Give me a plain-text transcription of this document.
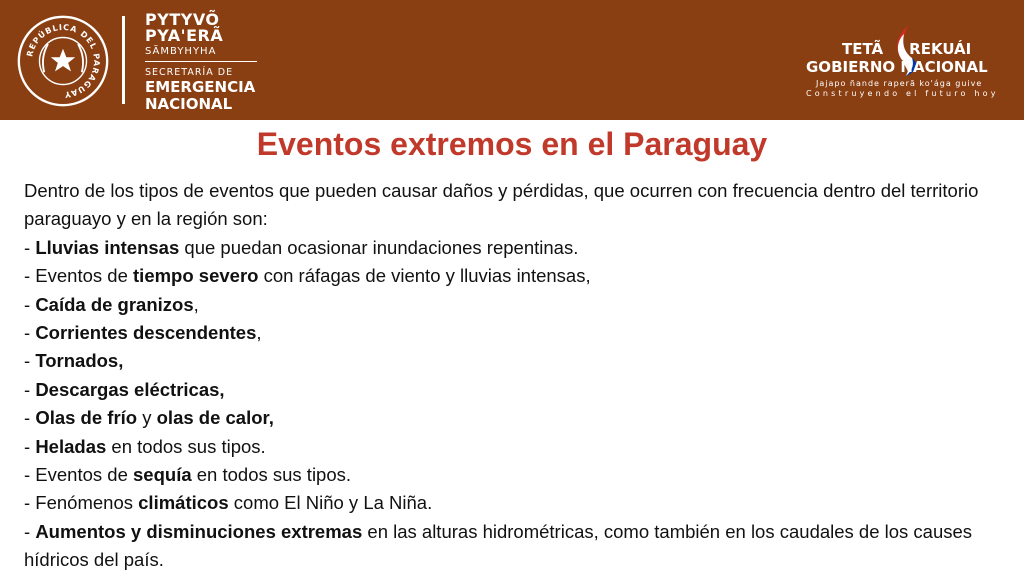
REPÚBLICA DEL PARAGUAY
PYTYVÕ
PYA'ERÃ
SÃMBYHYHA
SECRETARÍA DE
EMERGENCIA
NACIONAL
TETÃ REKUÁI
GOBIERNO NACIONAL
Jajapo ñande raperã ko'ága guive
Construyendo el futuro hoy
Eventos extremos en el Paraguay

Dentro de los tipos de eventos que pueden causar daños y pérdidas, que ocurren con frecuencia dentro del territorio paraguayo y en la región son:

- Lluvias intensas que puedan ocasionar inundaciones repentinas.

- Eventos de tiempo severo con ráfagas de viento y lluvias intensas,

- Caída de granizos,

- Corrientes descendentes,

- Tornados,

- Descargas eléctricas,

- Olas de frío y olas de calor,

- Heladas en todos sus tipos.

- Eventos de sequía en todos sus tipos.

- Fenómenos climáticos como El Niño y La Niña.

- Aumentos y disminuciones extremas en las alturas hidrométricas, como también en los caudales de los causes hídricos del país.
